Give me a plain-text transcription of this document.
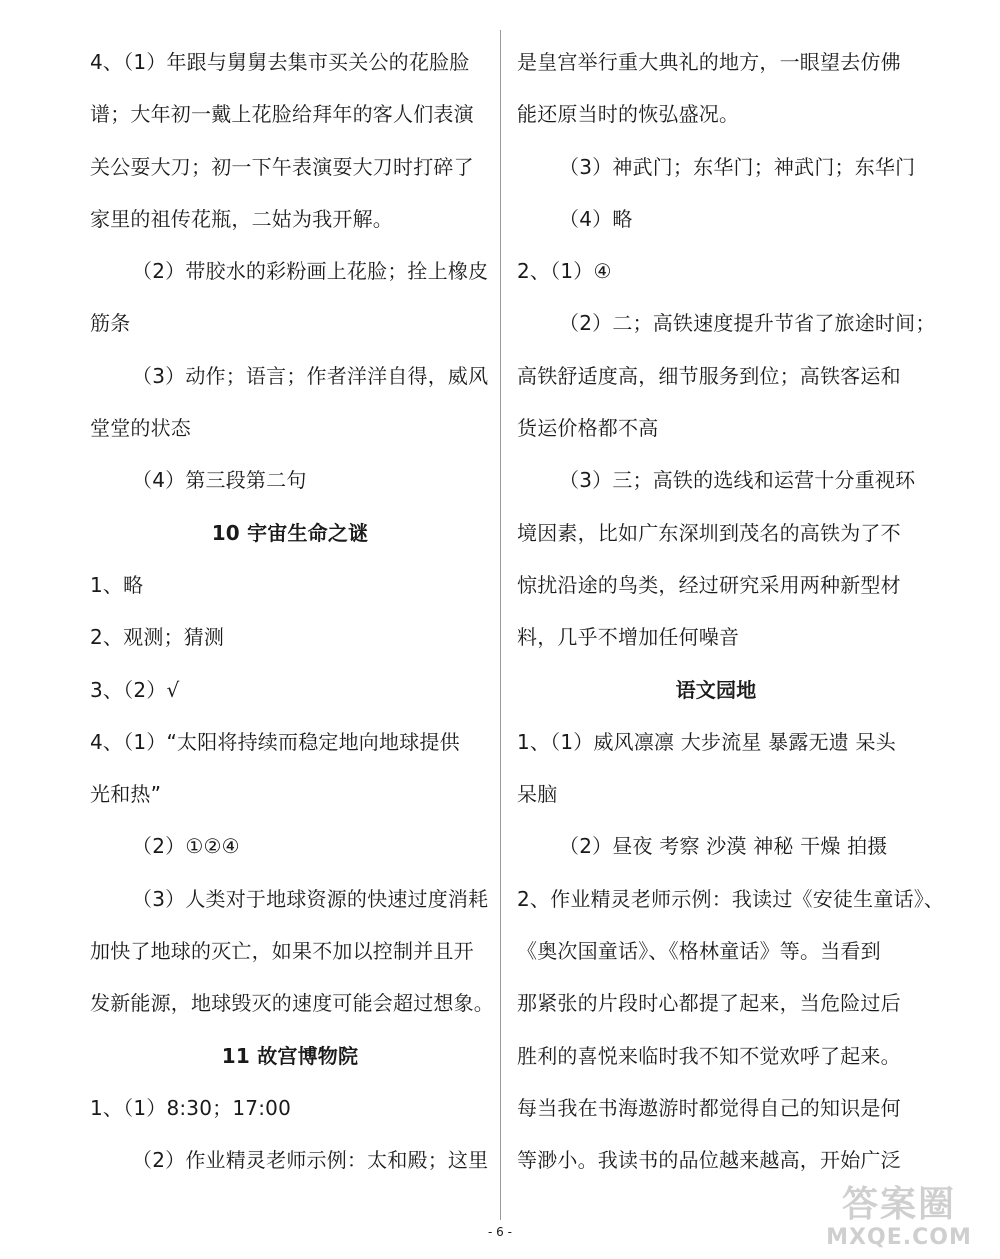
4、（1）年跟与舅舅去集市买关公的花脸脸
谱；大年初一戴上花脸给拜年的客人们表演
关公耍大刀；初一下午表演耍大刀时打碎了
家里的祖传花瓶，二姑为我开解。
（2）带胶水的彩粉画上花脸；拴上橡皮
筋条
（3）动作；语言；作者洋洋自得，威风
堂堂的状态
（4）第三段第二句
10 宇宙生命之谜
1、略
2、观测；猜测
3、（2）√
4、（1）“太阳将持续而稳定地向地球提供
光和热”
（2）①②④
（3）人类对于地球资源的快速过度消耗
加快了地球的灭亡，如果不加以控制并且开
发新能源，地球毁灭的速度可能会超过想象。
11 故宫博物院
1、（1）8:30；17:00
（2）作业精灵老师示例：太和殿；这里
是皇宫举行重大典礼的地方，一眼望去仿佛
能还原当时的恢弘盛况。
（3）神武门；东华门；神武门；东华门
（4）略
2、（1）④
（2）二；高铁速度提升节省了旅途时间；
高铁舒适度高，细节服务到位；高铁客运和
货运价格都不高
（3）三；高铁的选线和运营十分重视环
境因素，比如广东深圳到茂名的高铁为了不
惊扰沿途的鸟类，经过研究采用两种新型材
料，几乎不增加任何噪音
语文园地
1、（1）威风凛凛 大步流星 暴露无遗 呆头
呆脑
（2）昼夜 考察 沙漠 神秘 干燥 拍摄
2、作业精灵老师示例：我读过《安徒生童话》、
《奥次国童话》、《格林童话》等。当看到
那紧张的片段时心都提了起来，当危险过后
胜利的喜悦来临时我不知不觉欢呼了起来。
每当我在书海遨游时都觉得自己的知识是何
等渺小。我读书的品位越来越高，开始广泛
- 6 -
答案圈
MXQE.COM
